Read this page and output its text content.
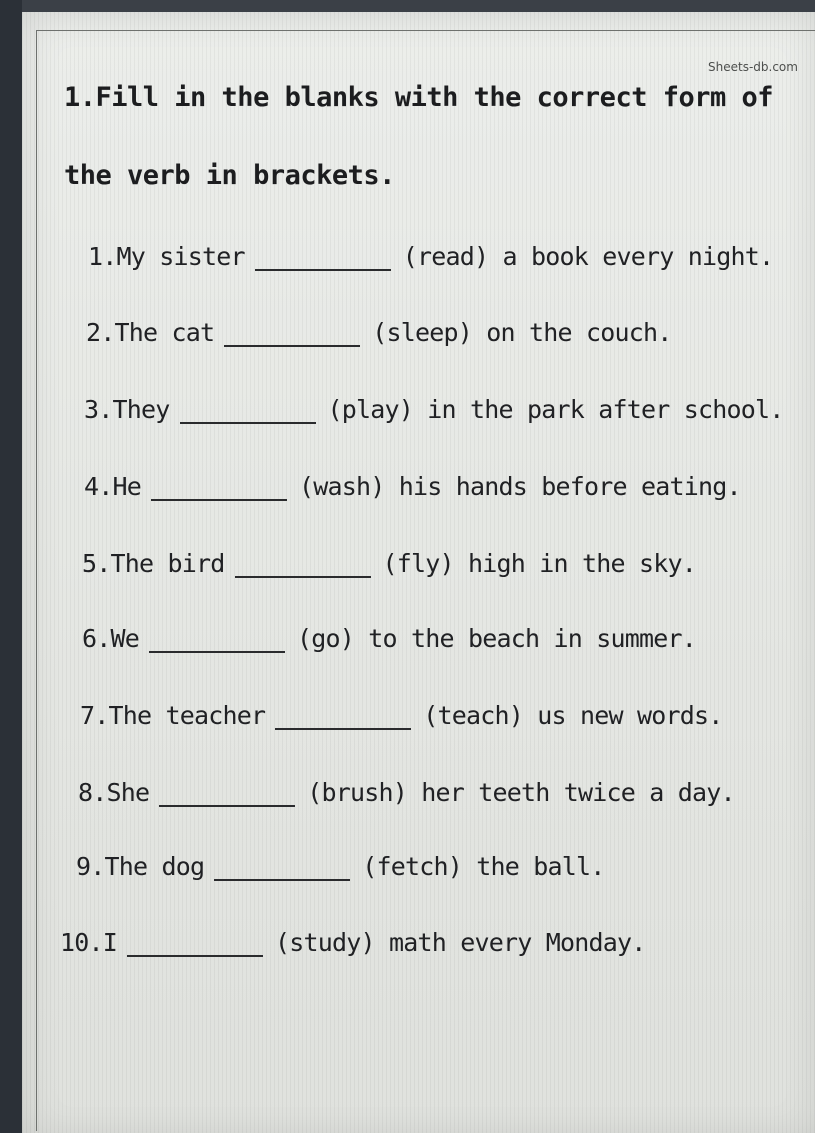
Sheets-db.com
1.Fill in the blanks with the correct form of
the verb in brackets.
1.My sister	(read) a book every night.
2.The cat	(sleep) on the couch.
3.They	(play) in the park after school.
4.He	(wash) his hands before eating.
5.The bird	(fly) high in the sky.
6.We	(go) to the beach in summer.
7.The teacher	(teach) us new words.
8.She	(brush) her teeth twice a day.
9.The dog	(fetch) the ball.
10.I	(study) math every Monday.
